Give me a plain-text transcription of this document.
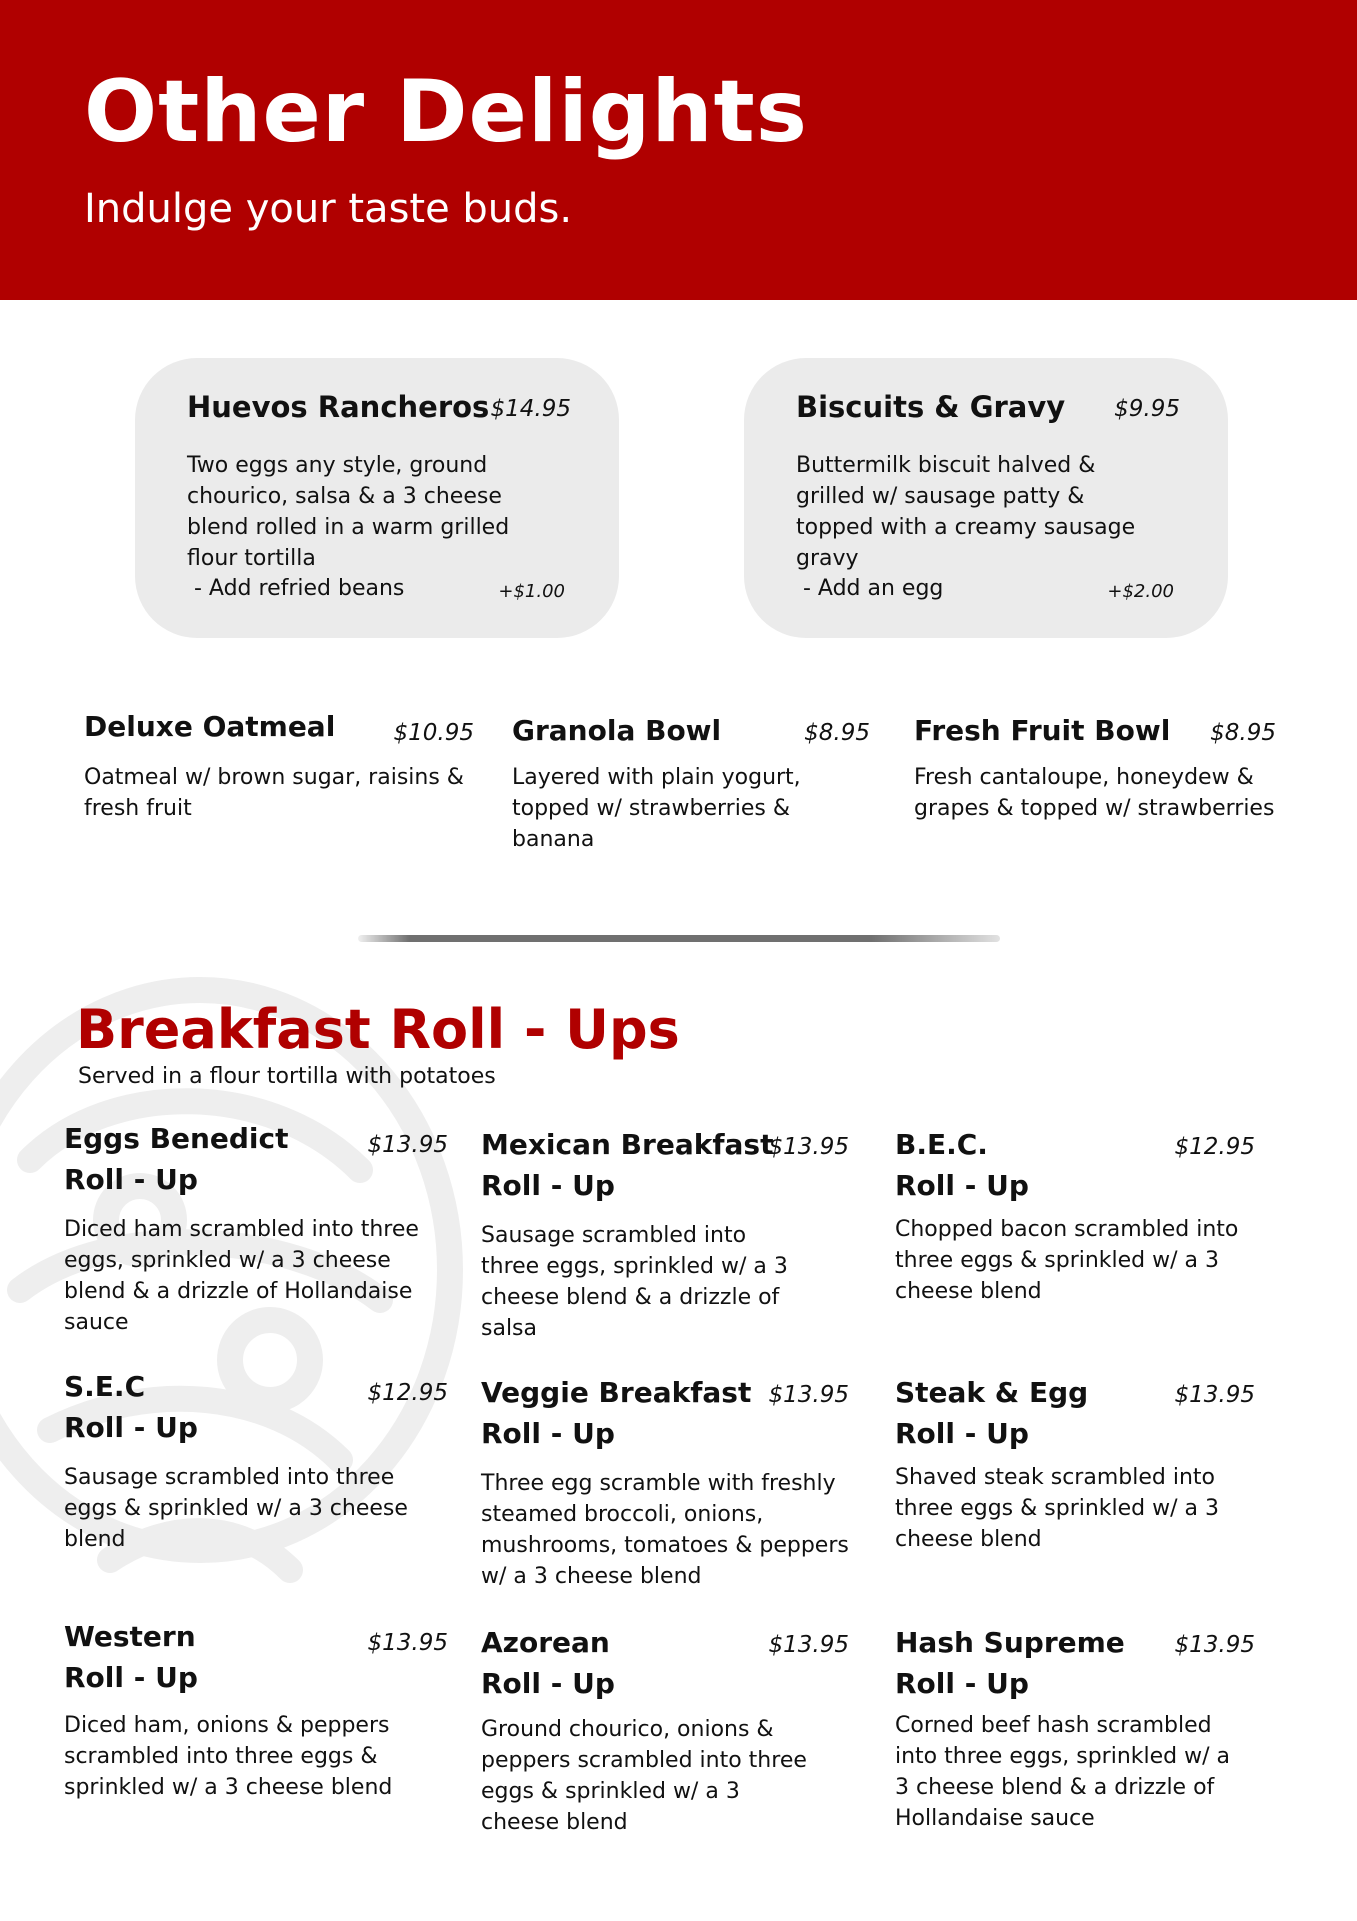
Other Delights
Indulge your taste buds.
Huevos Rancheros $14.95
Two eggs any style, ground chourico, salsa & a 3 cheese blend rolled in a warm grilled flour tortilla
- Add refried beans	+$1.00
Biscuits & Gravy $9.95
Buttermilk biscuit halved & grilled w/ sausage patty & topped with a creamy sausage gravy
- Add an egg	+$2.00
Deluxe Oatmeal	$10.95
Oatmeal w/ brown sugar, raisins & fresh fruit
Granola Bowl	$8.95
Layered with plain yogurt, topped w/ strawberries & banana
Fresh Fruit Bowl $8.95
Fresh cantaloupe, honeydew & grapes & topped w/ strawberries
Breakfast Roll - Ups
Served in a flour tortilla with potatoes
Eggs Benedict
Roll - Up
$13.95
Diced ham scrambled into three eggs, sprinkled w/ a 3 cheese blend & a drizzle of Hollandaise sauce
Mexican Breakfast
Roll - Up
$13.95
Sausage scrambled into three eggs, sprinkled w/ a 3 cheese blend & a drizzle of salsa
B.E.C.
Roll - Up
$12.95
Chopped bacon scrambled into three eggs & sprinkled w/ a 3 cheese blend
S.E.C
Roll - Up
$12.95
Sausage scrambled into three eggs & sprinkled w/ a 3 cheese blend
Veggie Breakfast
Roll - Up
$13.95
Three egg scramble with freshly steamed broccoli, onions, mushrooms, tomatoes & peppers w/ a 3 cheese blend
Steak & Egg
Roll - Up
$13.95
Shaved steak scrambled into three eggs & sprinkled w/ a 3 cheese blend
Western
Roll - Up
$13.95
Diced ham, onions & peppers scrambled into three eggs & sprinkled w/ a 3 cheese blend
Azorean
Roll - Up
$13.95
Ground chourico, onions & peppers scrambled into three eggs & sprinkled w/ a 3 cheese blend
Hash Supreme
Roll - Up
$13.95
Corned beef hash scrambled into three eggs, sprinkled w/ a 3 cheese blend & a drizzle of Hollandaise sauce
